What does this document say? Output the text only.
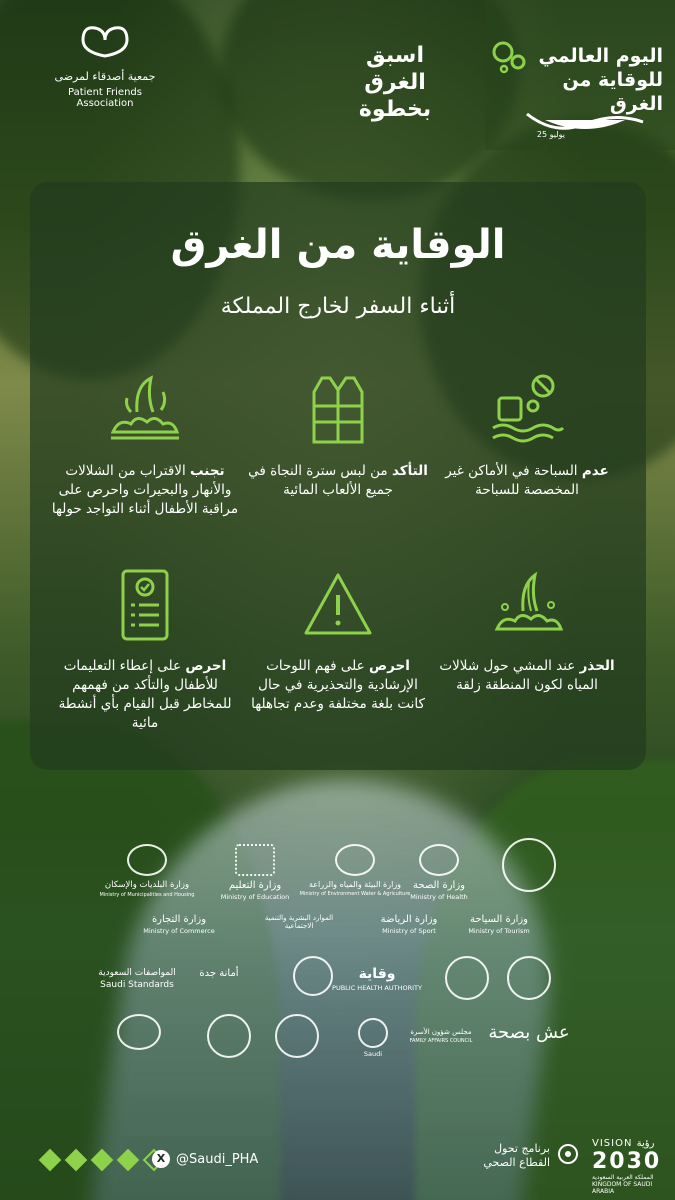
اليوم العالمي
للوقاية من الغرق
25 يوليو
اسبق
الغرق
بخطوة
جمعية أصدقاء لمرضى
Patient Friends Association
الوقاية من الغرق
أثناء السفر لخارج المملكة
عدم السباحة في الأماكن غير المخصصة للسباحة
التأكد من لبس سترة النجاة في جميع الألعاب المائية
تجنب الاقتراب من الشلالات والأنهار والبحيرات واحرص على مراقبة الأطفال أثناء التواجد حولها
الحذر عند المشي حول شلالات المياه لكون المنطقة زلقة
احرص على فهم اللوحات الإرشادية والتحذيرية في حال كانت بلغة مختلفة وعدم تجاهلها
احرص على إعطاء التعليمات للأطفال والتأكد من فهمهم للمخاطر قبل القيام بأي أنشطة مائية
وزارة الصحة
Ministry of Health
وزارة البيئة والمياه والزراعة
Ministry of Environment Water & Agriculture
وزارة التعليم
Ministry of Education
وزارة البلديات والإسكان
Ministry of Municipalities and Housing
وزارة السياحة
Ministry of Tourism
وزارة الرياضة
Ministry of Sport
الموارد البشرية والتنمية الاجتماعية
وزارة التجارة
Ministry of Commerce
وقاية
PUBLIC HEALTH AUTHORITY
أمانة جدة
المواصفات السعودية
Saudi Standards
عش بصحة
مجلس شؤون الأسرة
FAMILY AFFAIRS COUNCIL
Saudi
X @Saudi_PHA
برنامج تحول
القطاع الصحي
VISION رؤية
2030
المملكة العربية السعودية KINGDOM OF SAUDI ARABIA
